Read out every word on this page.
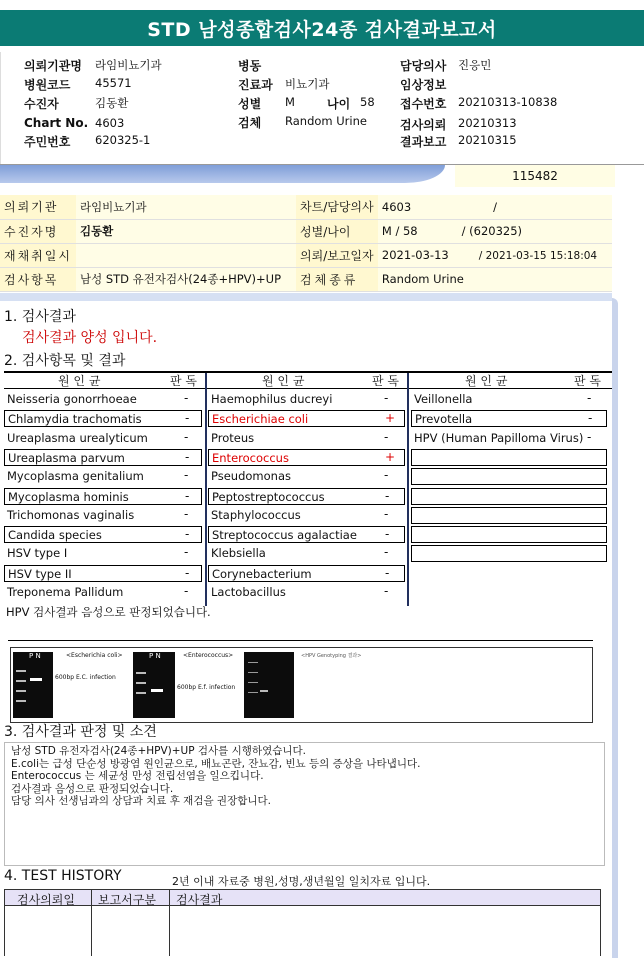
STD 남성종합검사24종 검사결과보고서
의뢰기관명 라임비뇨기과
병원코드 45571
수진자	김동환
Chart No. 4603
주민번호 620325-1
병동
진료과 비뇨기과
성별 M	나이 58
검체 Random Urine
담당의사 진응민
임상정보
접수번호 20210313-10838
검사의뢰 20210313
결과보고 20210315
115482
의뢰기관	라임비뇨기과	차트/담당의사	4603 /
수진자명	김동환	성별/나이	M / 58 / (620325)
재채취일시		의뢰/보고일자	2021-03-13 / 2021-03-15 15:18:04
검사항목	남성 STD 유전자검사(24종+HPV)+UP	검체종류	Random Urine
1. 검사결과
검사결과 양성 입니다.
2. 검사항목 및 결과
원 인 균	판 독	원 인 균	판 독	원 인 균	판 독
Neisseria gonorrhoeae	-
Chlamydia trachomatis	-
Ureaplasma urealyticum	-
Ureaplasma parvum	-
Mycoplasma genitalium	-
Mycoplasma hominis	-
Trichomonas vaginalis	-
Candida species	-
HSV type I	-
HSV type II	-
Treponema Pallidum	-
Haemophilus ducreyi	-
Escherichiae coli	+
Proteus	-
Enterococcus	+
Pseudomonas	-
Peptostreptococcus	-
Staphylococcus	-
Streptococcus agalactiae -
Klebsiella	-
Corynebacterium	-
Lactobacillus	-
Veillonella	-
Prevotella	-
HPV (Human Papilloma Virus) -
HPV 검사결과 음성으로 판정되었습니다.
P N	<Escherichia coli>
600bp E.C. infection
P N	<Enterococcus>
600bp E.f. infection
<HPV Genotyping 결과>
3. 검사결과 판정 및 소견
남성 STD 유전자검사(24종+HPV)+UP 검사를 시행하였습니다.
E.coli는 급성 단순성 방광염 원인균으로, 배뇨곤란, 잔뇨감, 빈뇨 등의 증상을 나타냅니다.
Enterococcus 는 세균성 만성 전립선염을 일으킵니다.
검사결과 음성으로 판정되었습니다.
담당 의사 선생님과의 상담과 치료 후 재검을 권장합니다.
4. TEST HISTORY	2년 이내 자료중 병원,성명,생년월일 일치자료 입니다.
검사의뢰일 보고서구분 검사결과
